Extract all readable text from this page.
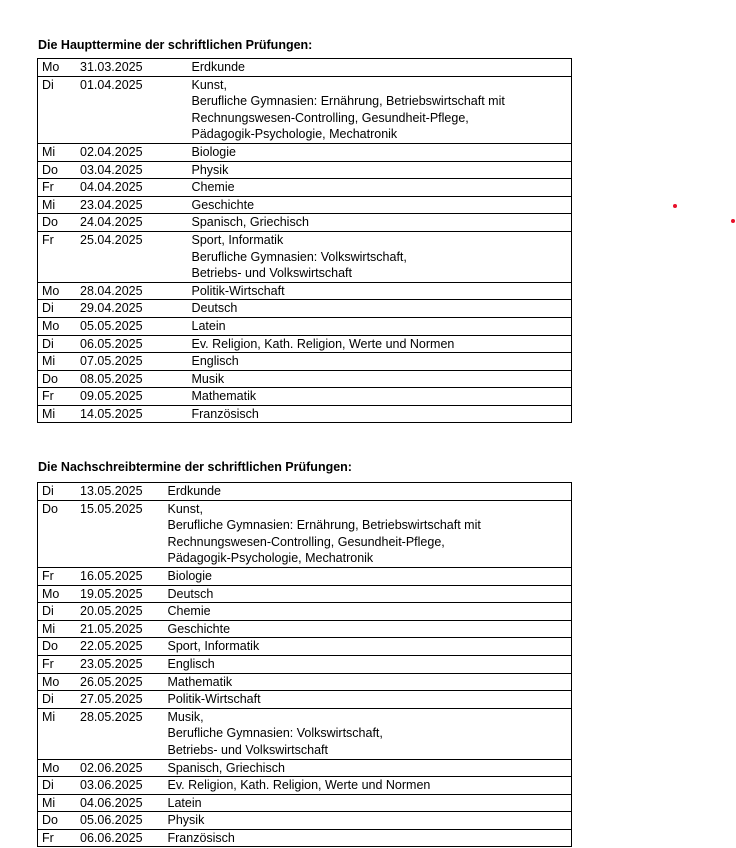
Die Haupttermine der schriftlichen Prüfungen:
Mo 31.03.2025	Erdkunde
Di 01.04.2025	Kunst,
Berufliche Gymnasien: Ernährung, Betriebswirtschaft mit
Rechnungswesen-Controlling, Gesundheit-Pflege,
Pädagogik-Psychologie, Mechatronik
Mi 02.04.2025	Biologie
Do 03.04.2025	Physik
Fr 04.04.2025	Chemie
Mi 23.04.2025	Geschichte
Do 24.04.2025	Spanisch, Griechisch
Fr 25.04.2025	Sport, Informatik
Berufliche Gymnasien: Volkswirtschaft,
Betriebs- und Volkswirtschaft
Mo 28.04.2025	Politik-Wirtschaft
Di 29.04.2025	Deutsch
Mo 05.05.2025	Latein
Di 06.05.2025	Ev. Religion, Kath. Religion, Werte und Normen
Mi 07.05.2025	Englisch
Do 08.05.2025	Musik
Fr 09.05.2025	Mathematik
Mi 14.05.2025	Französisch
Die Nachschreibtermine der schriftlichen Prüfungen:
Di 13.05.2025	Erdkunde
Do 15.05.2025	Kunst,
Berufliche Gymnasien: Ernährung, Betriebswirtschaft mit
Rechnungswesen-Controlling, Gesundheit-Pflege,
Pädagogik-Psychologie, Mechatronik
Fr 16.05.2025	Biologie
Mo 19.05.2025	Deutsch
Di 20.05.2025	Chemie
Mi 21.05.2025	Geschichte
Do 22.05.2025	Sport, Informatik
Fr 23.05.2025	Englisch
Mo 26.05.2025	Mathematik
Di 27.05.2025	Politik-Wirtschaft
Mi 28.05.2025	Musik,
Berufliche Gymnasien: Volkswirtschaft,
Betriebs- und Volkswirtschaft
Mo 02.06.2025	Spanisch, Griechisch
Di 03.06.2025	Ev. Religion, Kath. Religion, Werte und Normen
Mi 04.06.2025	Latein
Do 05.06.2025	Physik
Fr 06.06.2025	Französisch
